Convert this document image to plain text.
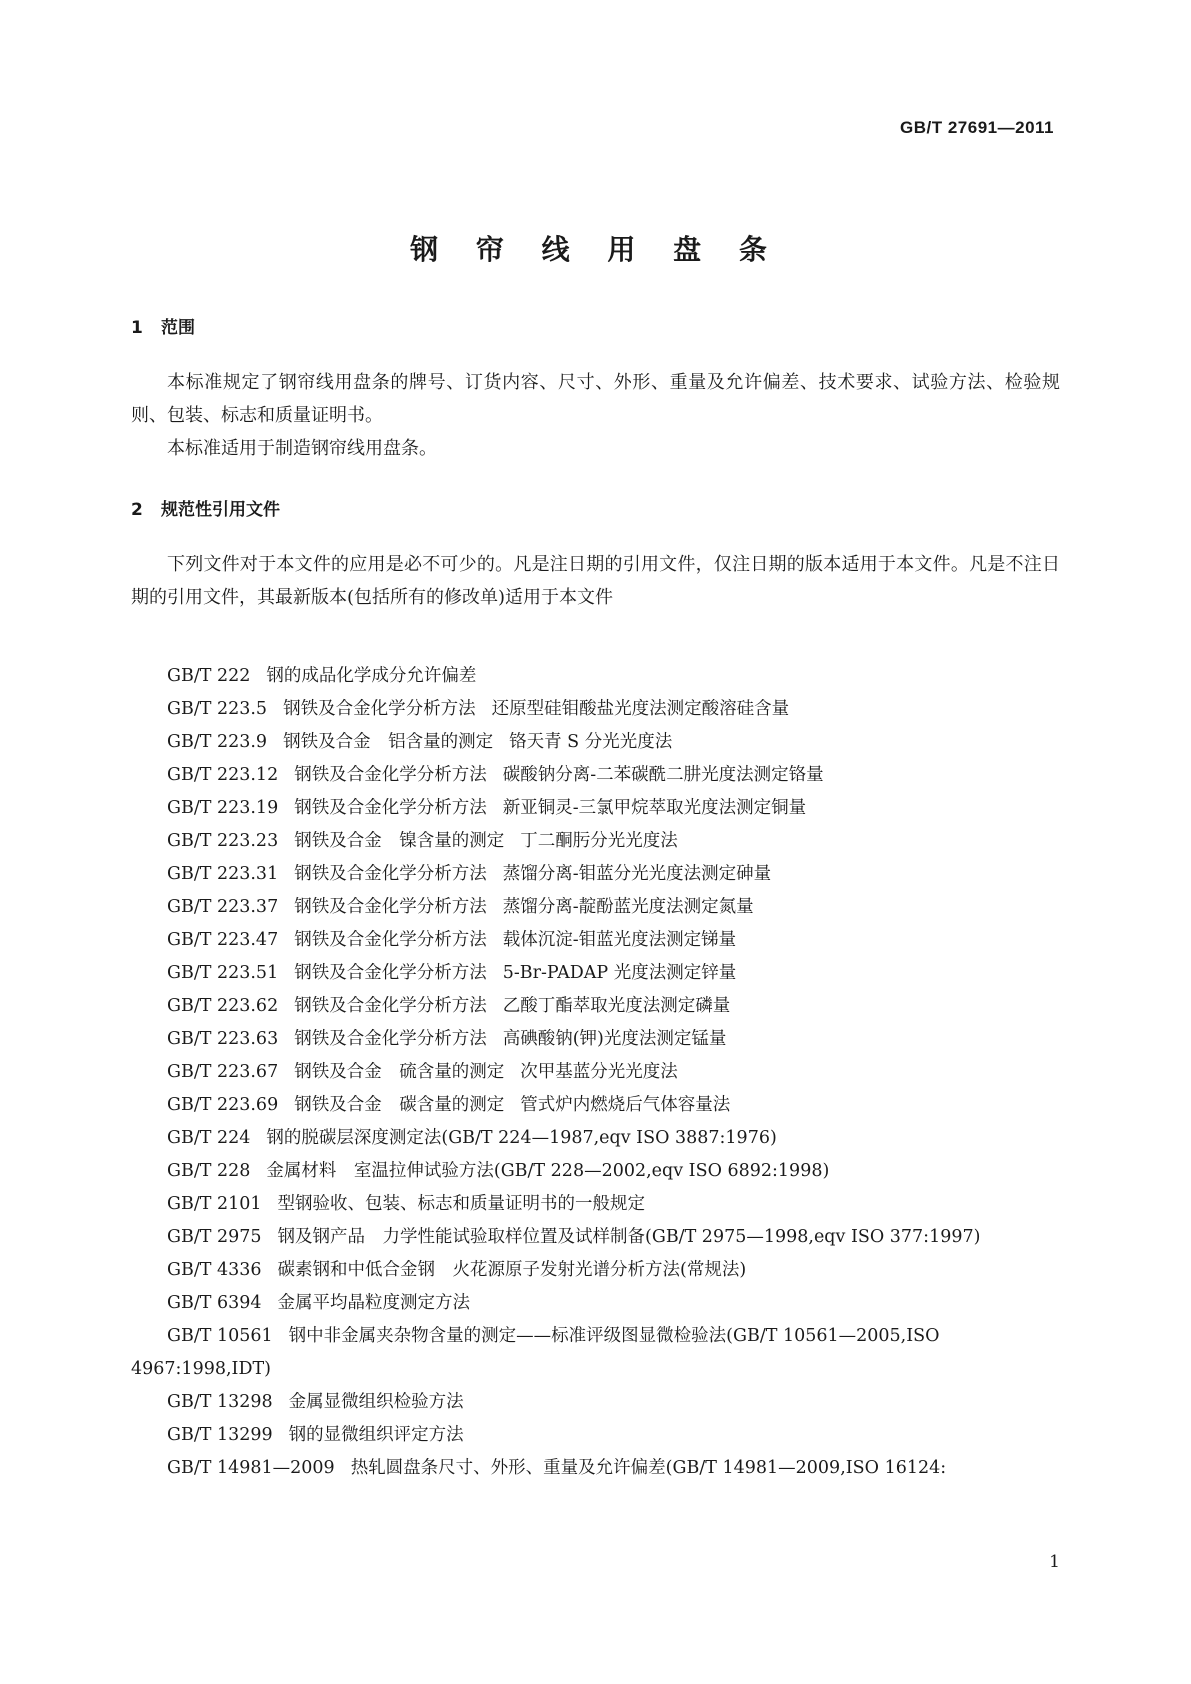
GB/T 27691—2011
钢 帘 线 用 盘 条
1 范围

本标准规定了钢帘线用盘条的牌号、订货内容、尺寸、外形、重量及允许偏差、技术要求、试验方法、检验规则、包装、标志和质量证明书。

本标准适用于制造钢帘线用盘条。

2 规范性引用文件

下列文件对于本文件的应用是必不可少的。凡是注日期的引用文件，仅注日期的版本适用于本文件。凡是不注日期的引用文件，其最新版本(包括所有的修改单)适用于本文件

GB/T 222 钢的成品化学成分允许偏差
GB/T 223.5 钢铁及合金化学分析方法 还原型硅钼酸盐光度法测定酸溶硅含量
GB/T 223.9 钢铁及合金　铝含量的测定 铬天青 S 分光光度法
GB/T 223.12 钢铁及合金化学分析方法 碳酸钠分离-二苯碳酰二肼光度法测定铬量
GB/T 223.19 钢铁及合金化学分析方法 新亚铜灵-三氯甲烷萃取光度法测定铜量
GB/T 223.23 钢铁及合金　镍含量的测定 丁二酮肟分光光度法
GB/T 223.31 钢铁及合金化学分析方法 蒸馏分离-钼蓝分光光度法测定砷量
GB/T 223.37 钢铁及合金化学分析方法 蒸馏分离-靛酚蓝光度法测定氮量
GB/T 223.47 钢铁及合金化学分析方法 载体沉淀-钼蓝光度法测定锑量
GB/T 223.51 钢铁及合金化学分析方法 5-Br-PADAP 光度法测定锌量
GB/T 223.62 钢铁及合金化学分析方法 乙酸丁酯萃取光度法测定磷量
GB/T 223.63 钢铁及合金化学分析方法 高碘酸钠(钾)光度法测定锰量
GB/T 223.67 钢铁及合金　硫含量的测定 次甲基蓝分光光度法
GB/T 223.69 钢铁及合金　碳含量的测定 管式炉内燃烧后气体容量法
GB/T 224 钢的脱碳层深度测定法(GB/T 224—1987,eqv ISO 3887:1976)
GB/T 228 金属材料　室温拉伸试验方法(GB/T 228—2002,eqv ISO 6892:1998)
GB/T 2101 型钢验收、包装、标志和质量证明书的一般规定
GB/T 2975 钢及钢产品　力学性能试验取样位置及试样制备(GB/T 2975—1998,eqv ISO 377:1997)
GB/T 4336 碳素钢和中低合金钢　火花源原子发射光谱分析方法(常规法)
GB/T 6394 金属平均晶粒度测定方法
GB/T 10561 钢中非金属夹杂物含量的测定——标准评级图显微检验法(GB/T 10561—2005,ISO 4967:1998,IDT)
GB/T 13298 金属显微组织检验方法
GB/T 13299 钢的显微组织评定方法
GB/T 14981—2009 热轧圆盘条尺寸、外形、重量及允许偏差(GB/T 14981—2009,ISO 16124:
1
